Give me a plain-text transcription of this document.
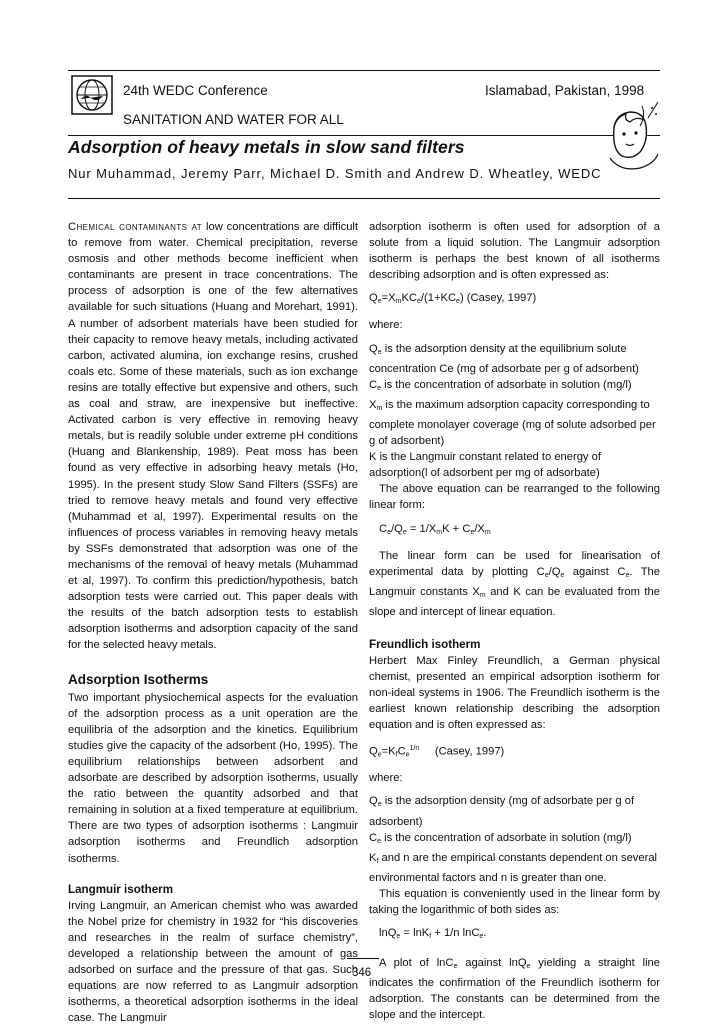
24th WEDC Conference	Islamabad, Pakistan, 1998
SANITATION AND WATER FOR ALL
Adsorption of heavy metals in slow sand filters
Nur Muhammad, Jeremy Parr, Michael D. Smith and Andrew D. Wheatley, WEDC

Chemical contaminants at low concentrations are difficult to remove from water. Chemical precipitation, reverse osmosis and other methods become inefficient when contaminants are present in trace concentrations. The process of adsorption is one of the few alternatives available for such situations (Huang and Morehart, 1991). A number of adsorbent materials have been studied for their capacity to remove heavy metals, including activated carbon, activated alumina, ion exchange resins, crushed coals etc. Some of these materials, such as ion exchange resins are totally effective but expensive and others, such as coal and straw, are inexpensive but ineffective. Activated carbon is very effective in removing heavy metals, but is readily soluble under extreme pH conditions (Huang and Blankenship, 1989). Peat moss has been found as very effective in adsorbing heavy metals (Ho, 1995). In the present study Slow Sand Filters (SSFs) are tried to remove heavy metals and found very effective (Muhammad et al, 1997). Experimental results on the influences of process variables in removing heavy metals by SSFs demonstrated that adsorption was one of the mechanisms of the removal of heavy metals (Muhammad et al, 1997). To confirm this prediction/hypothesis, batch adsorption tests were carried out. This paper deals with the results of the batch adsorption tests to establish adsorption isotherms and adsorption capacity of the sand for the selected heavy metals.

Adsorption Isotherms

Two important physiochemical aspects for the evaluation of the adsorption process as a unit operation are the equilibria of the adsorption and the kinetics. Equilibrium studies give the capacity of the adsorbent (Ho, 1995). The equilibrium relationships between adsorbent and adsorbate are described by adsorption isotherms, usually the ratio between the quantity adsorbed and that remaining in solution at a fixed temperature at equilibrium. There are two types of adsorption isotherms : Langmuir adsorption isotherms and Freundlich adsorption isotherms.

Langmuir isotherm

Irving Langmuir, an American chemist who was awarded the Nobel prize for chemistry in 1932 for “his discoveries and researches in the realm of surface chemistry”, developed a relationship between the amount of gas adsorbed on surface and the pressure of that gas. Such equations are now referred to as Langmuir adsorption isotherms, a theoretical adsorption isotherms in the ideal case. The Langmuir

adsorption isotherm is often used for adsorption of a solute from a liquid solution. The Langmuir adsorption isotherm is perhaps the best known of all isotherms describing adsorption and is often expressed as:

$Q_e=X_mKC_e/(1+KC_e)$ (Casey, 1997)

where:

$Q_e$ is the adsorption density at the equilibrium solute concentration Ce (mg of adsorbate per g of adsorbent)

$C_e$ is the concentration of adsorbate in solution (mg/l)

$X_m$ is the maximum adsorption capacity corresponding to complete monolayer coverage (mg of solute adsorbed per g of adsorbent)

K is the Langmuir constant related to energy of adsorption(l of adsorbent per mg of adsorbate)

The above equation can be rearranged to the following linear form:

$C_e/Q_e = 1/X_mK + C_e/X_m$

The linear form can be used for linearisation of experimental data by plotting $C_e/Q_e$ against $C_e$. The Langmuir constants $X_m$ and K can be evaluated from the slope and intercept of linear equation.

Freundlich isotherm

Herbert Max Finley Freundlich, a German physical chemist, presented an empirical adsorption isotherm for non-ideal systems in 1906. The Freundlich isotherm is the earliest known relationship describing the adsorption equation and is often expressed as:

$Q_e=K_fC_e^{1/n}$ (Casey, 1997)

where:

$Q_e$ is the adsorption density (mg of adsorbate per g of adsorbent)

$C_e$ is the concentration of adsorbate in solution (mg/l)

$K_f$ and n are the empirical constants dependent on several environmental factors and n is greater than one.

This equation is conveniently used in the linear form by taking the logarithmic of both sides as:

lnQ$_e$ = lnK$_f$ + 1/n lnC$_e$.

A plot of lnC$_e$ against lnQ$_e$ yielding a straight line indicates the confirmation of the Freundlich isotherm for adsorption. The constants can be determined from the slope and the intercept.

346
